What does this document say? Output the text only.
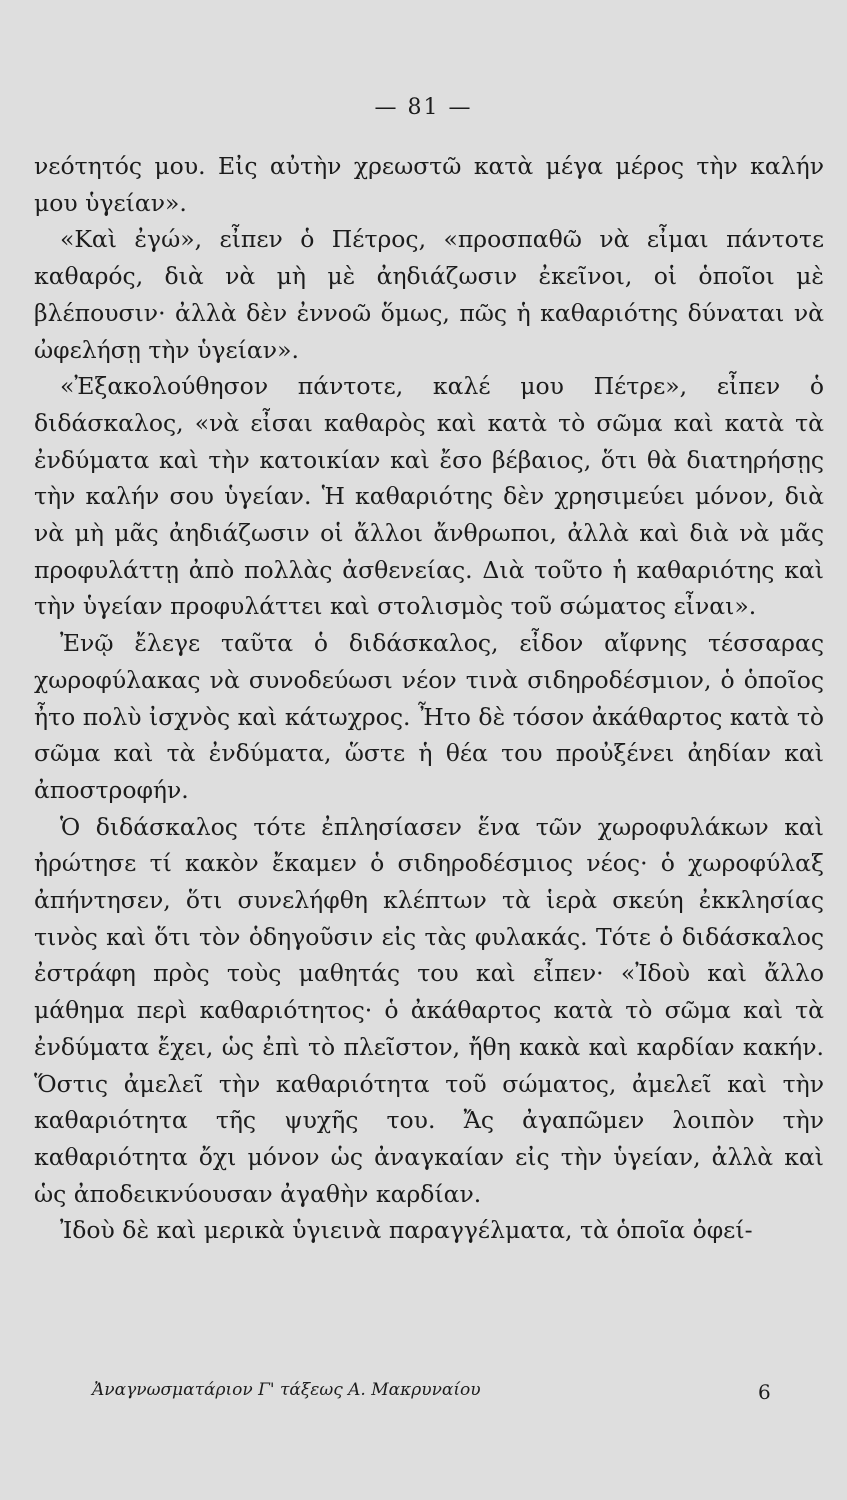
— 81 —

νεότητός μου. Εἰς αὐτὴν χρεωστῶ κατὰ μέγα μέρος τὴν καλήν μου ὑγείαν».

«Καὶ ἐγώ», εἶπεν ὁ Πέτρος, «προσπαθῶ νὰ εἶμαι πάντοτε καθαρός, διὰ νὰ μὴ μὲ ἀηδιάζωσιν ἐκεῖνοι, οἱ ὁποῖοι μὲ βλέπουσιν· ἀλλὰ δὲν ἐννοῶ ὅμως, πῶς ἡ καθαριότης δύναται νὰ ὠφελήσῃ τὴν ὑγείαν».

«Ἐξακολούθησον πάντοτε, καλέ μου Πέτρε», εἶπεν ὁ διδάσκαλος, «νὰ εἶσαι καθαρὸς καὶ κατὰ τὸ σῶμα καὶ κατὰ τὰ ἐνδύματα καὶ τὴν κατοικίαν καὶ ἔσο βέβαιος, ὅτι θὰ διατηρήσῃς τὴν καλήν σου ὑγείαν. Ἡ καθαριότης δὲν χρησιμεύει μόνον, διὰ νὰ μὴ μᾶς ἀηδιάζωσιν οἱ ἄλλοι ἄνθρωποι, ἀλλὰ καὶ διὰ νὰ μᾶς προφυλάττῃ ἀπὸ πολλὰς ἀσθενείας. Διὰ τοῦτο ἡ καθαριότης καὶ τὴν ὑγείαν προφυλάττει καὶ στολισμὸς τοῦ σώματος εἶναι».

Ἐνῷ ἔλεγε ταῦτα ὁ διδάσκαλος, εἶδον αἴφνης τέσσαρας χωροφύλακας νὰ συνοδεύωσι νέον τινὰ σιδηροδέσμιον, ὁ ὁποῖος ἦτο πολὺ ἰσχνὸς καὶ κάτωχρος. Ἦτο δὲ τόσον ἀκάθαρτος κατὰ τὸ σῶμα καὶ τὰ ἐνδύματα, ὥστε ἡ θέα του προὐξένει ἀηδίαν καὶ ἀποστροφήν.

Ὁ διδάσκαλος τότε ἐπλησίασεν ἕνα τῶν χωροφυλάκων καὶ ἠρώτησε τί κακὸν ἔκαμεν ὁ σιδηροδέσμιος νέος· ὁ χωροφύλαξ ἀπήντησεν, ὅτι συνελήφθη κλέπτων τὰ ἱερὰ σκεύη ἐκκλησίας τινὸς καὶ ὅτι τὸν ὁδηγοῦσιν εἰς τὰς φυλακάς. Τότε ὁ διδάσκαλος ἐστράφη πρὸς τοὺς μαθητάς του καὶ εἶπεν· «Ἰδοὺ καὶ ἄλλο μάθημα περὶ καθαριότητος· ὁ ἀκάθαρτος κατὰ τὸ σῶμα καὶ τὰ ἐνδύματα ἔχει, ὡς ἐπὶ τὸ πλεῖστον, ἤθη κακὰ καὶ καρδίαν κακήν. Ὅστις ἀμελεῖ τὴν καθαριότητα τοῦ σώματος, ἀμελεῖ καὶ τὴν καθαριότητα τῆς ψυχῆς του. Ἄς ἀγαπῶμεν λοιπὸν τὴν καθαριότητα ὄχι μόνον ὡς ἀναγκαίαν εἰς τὴν ὑγείαν, ἀλλὰ καὶ ὡς ἀποδεικνύουσαν ἀγαθὴν καρδίαν.

Ἰδοὺ δὲ καὶ μερικὰ ὑγιεινὰ παραγγέλματα, τὰ ὁποῖα ὀφεί-

Ἀναγνωσματάριον Γ' τάξεως Α. Μακρυναίου	6
